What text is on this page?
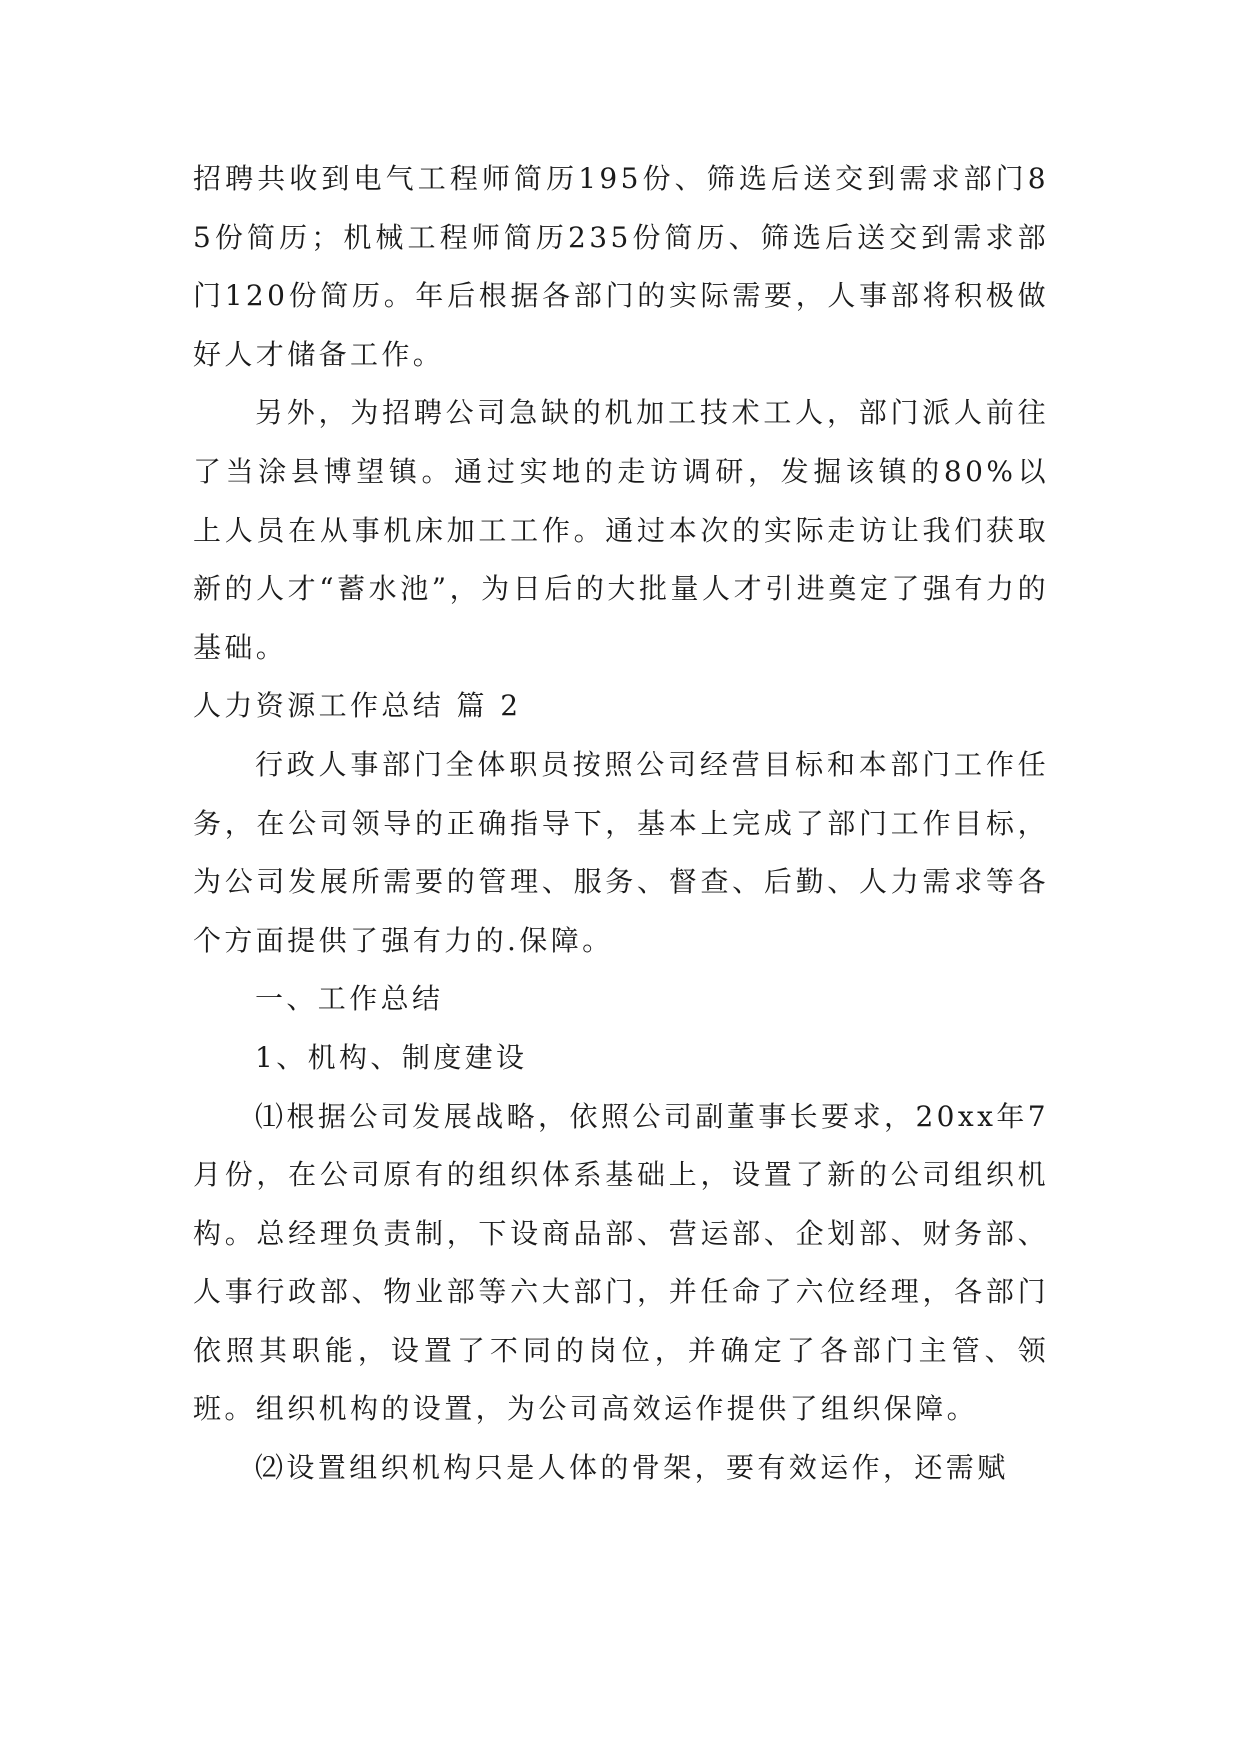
招聘共收到电气工程师简历195份、筛选后送交到需求部门85份简历；机械工程师简历235份简历、筛选后送交到需求部门120份简历。年后根据各部门的实际需要，人事部将积极做好人才储备工作。

另外，为招聘公司急缺的机加工技术工人，部门派人前往了当涂县博望镇。通过实地的走访调研，发掘该镇的80%以上人员在从事机床加工工作。通过本次的实际走访让我们获取新的人才“蓄水池”，为日后的大批量人才引进奠定了强有力的基础。

人力资源工作总结 篇 2

行政人事部门全体职员按照公司经营目标和本部门工作任务，在公司领导的正确指导下，基本上完成了部门工作目标，为公司发展所需要的管理、服务、督查、后勤、人力需求等各个方面提供了强有力的.保障。

一、工作总结

1、机构、制度建设

⑴根据公司发展战略，依照公司副董事长要求，20xx年7月份，在公司原有的组织体系基础上，设置了新的公司组织机构。总经理负责制，下设商品部、营运部、企划部、财务部、人事行政部、物业部等六大部门，并任命了六位经理，各部门依照其职能，设置了不同的岗位，并确定了各部门主管、领班。组织机构的设置，为公司高效运作提供了组织保障。

⑵设置组织机构只是人体的骨架，要有效运作，还需赋
